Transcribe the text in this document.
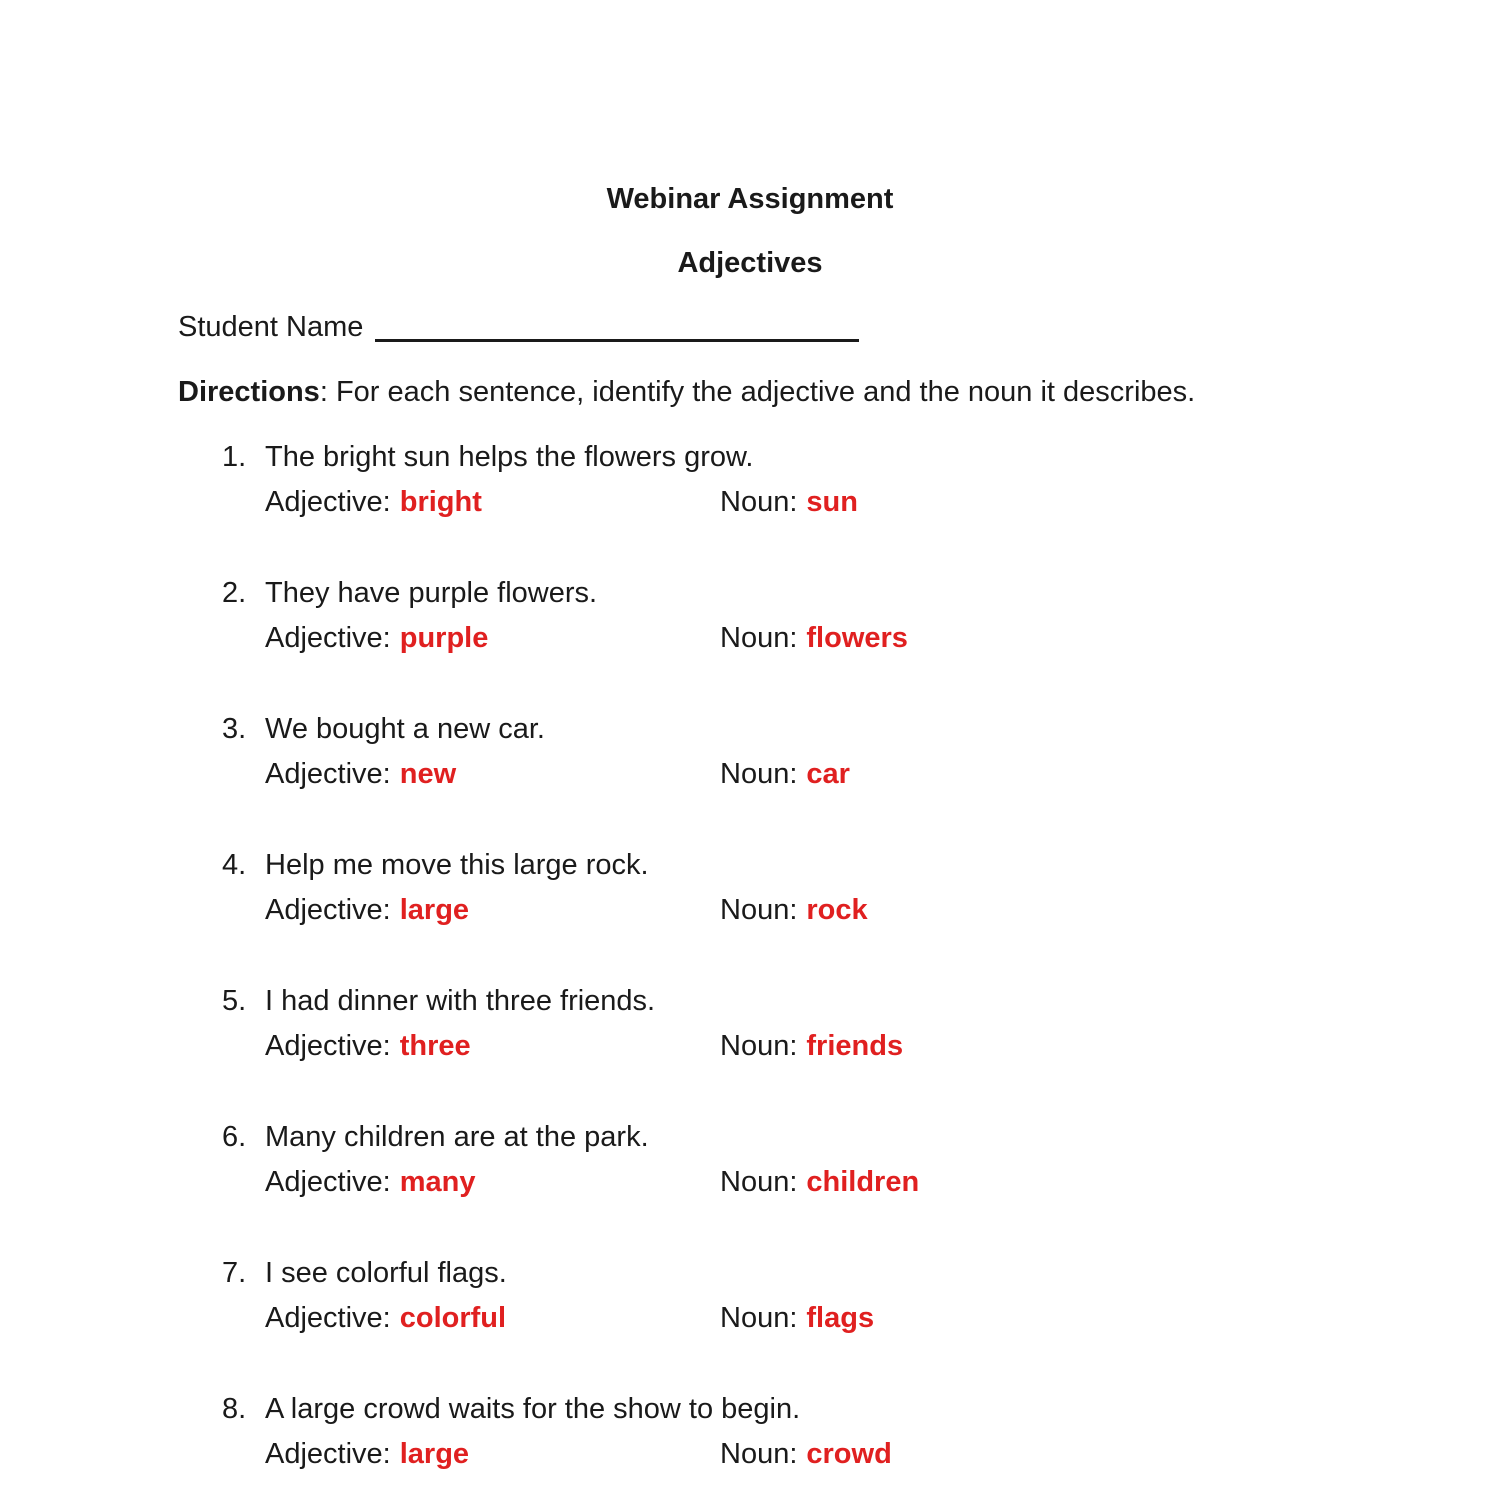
Webinar Assignment
Adjectives
Student Name
Directions: For each sentence, identify the adjective and the noun it describes.
1. The bright sun helps the flowers grow.
Adjective: bright	Noun: sun
2. They have purple flowers.
Adjective: purple	Noun: flowers
3. We bought a new car.
Adjective: new	Noun: car
4. Help me move this large rock.
Adjective: large	Noun: rock
5. I had dinner with three friends.
Adjective: three	Noun: friends
6. Many children are at the park.
Adjective: many	Noun: children
7. I see colorful flags.
Adjective: colorful	Noun: flags
8. A large crowd waits for the show to begin.
Adjective: large	Noun: crowd
